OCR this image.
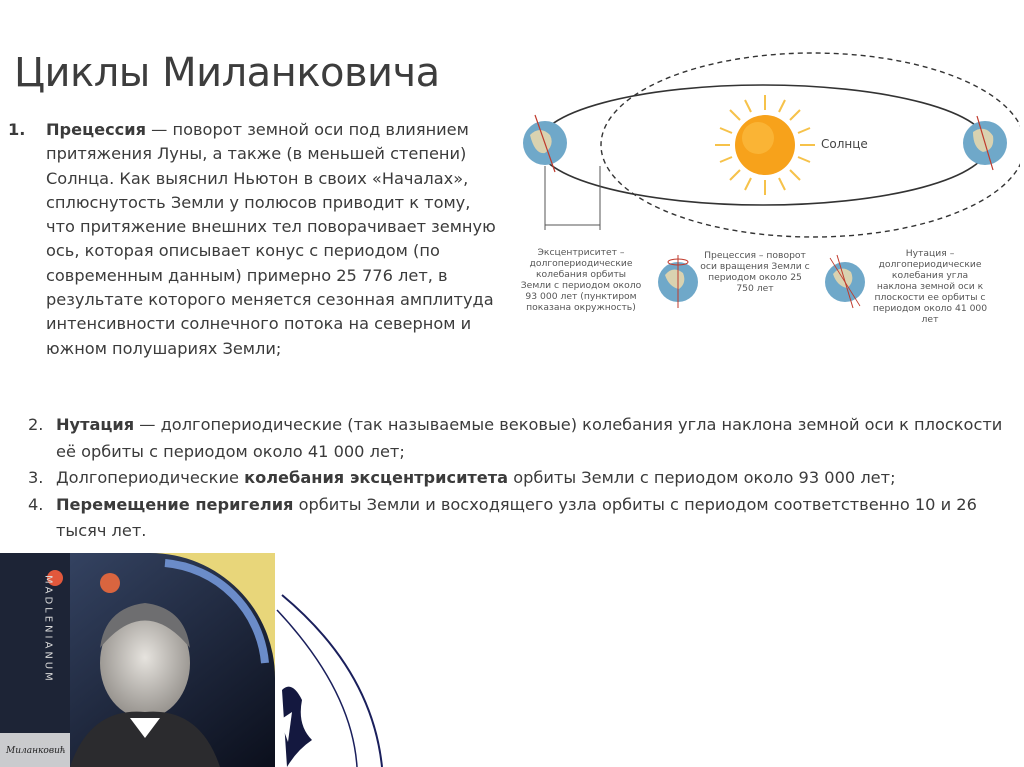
Циклы Миланковича
1. Прецессия — поворот земной оси под влиянием притяжения Луны, а также (в меньшей степени) Солнца. Как выяснил Ньютон в своих «Началах», сплюснутость Земли у полюсов приводит к тому, что притяжение внешних тел поворачивает земную ось, которая описывает конус с периодом (по современным данным) примерно 25 776 лет, в результате которого меняется сезонная амплитуда интенсивности солнечного потока на северном и южном полушариях Земли;
Солнце
Эксцентриситет – долгопериодические колебания орбиты Земли с периодом около 93 000 лет (пунктиром показана окружность)
Прецессия – поворот оси вращения Земли с периодом около 25 750 лет
Нутация – долгопериодические колебания угла наклона земной оси к плоскости ее орбиты с периодом около 41 000 лет
2. Нутация — долгопериодические (так называемые вековые) колебания угла наклона земной оси к плоскости её орбиты с периодом около 41 000 лет;
3. Долгопериодические колебания эксцентриситета орбиты Земли с периодом около 93 000 лет;
4. Перемещение перигелия орбиты Земли и восходящего узла орбиты с периодом соответственно 10 и 26 тысяч лет.
MADLENIANUM
Миланковић
